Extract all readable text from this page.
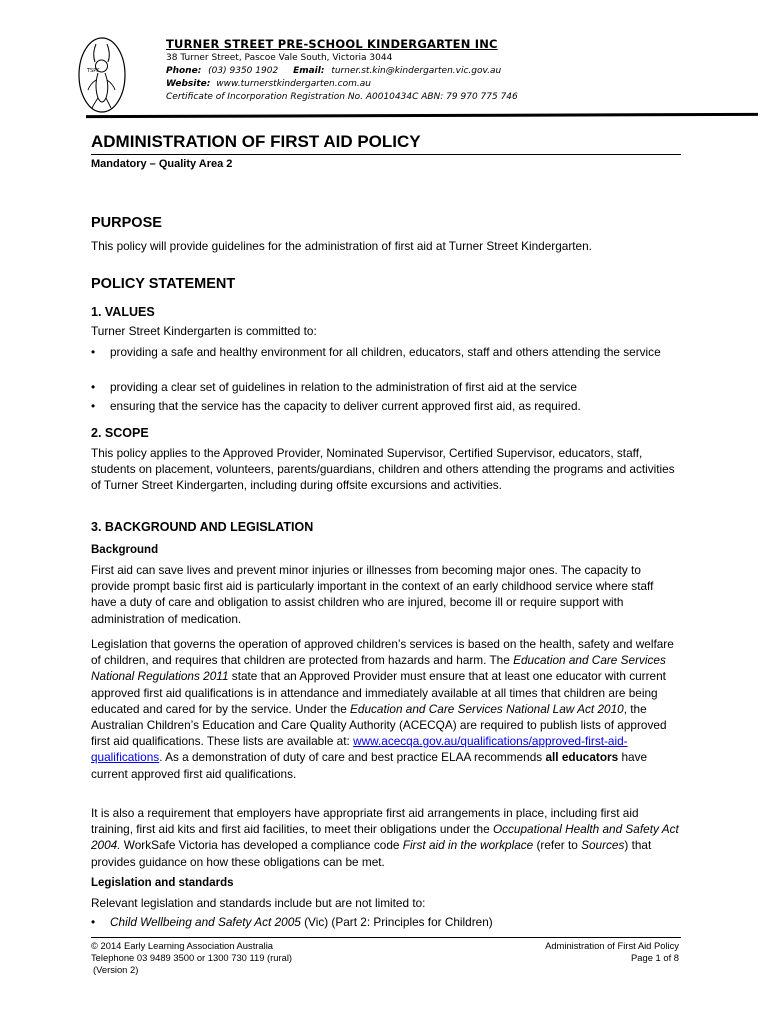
TSPK
TURNER STREET PRE-SCHOOL KINDERGARTEN INC
38 Turner Street, Pascoe Vale South, Victoria 3044
Phone: (03) 9350 1902 Email: turner.st.kin@kindergarten.vic.gov.au
Website: www.turnerstkindergarten.com.au
Certificate of Incorporation Registration No. A0010434C ABN: 79 970 775 746
ADMINISTRATION OF FIRST AID POLICY
Mandatory – Quality Area 2
PURPOSE
This policy will provide guidelines for the administration of first aid at Turner Street Kindergarten.
POLICY STATEMENT
1. VALUES
Turner Street Kindergarten is committed to:
• providing a safe and healthy environment for all children, educators, staff and others attending the service
• providing a clear set of guidelines in relation to the administration of first aid at the service
• ensuring that the service has the capacity to deliver current approved first aid, as required.
2. SCOPE
This policy applies to the Approved Provider, Nominated Supervisor, Certified Supervisor, educators, staff, students on placement, volunteers, parents/guardians, children and others attending the programs and activities of Turner Street Kindergarten, including during offsite excursions and activities.
3. BACKGROUND AND LEGISLATION
Background
First aid can save lives and prevent minor injuries or illnesses from becoming major ones. The capacity to provide prompt basic first aid is particularly important in the context of an early childhood service where staff have a duty of care and obligation to assist children who are injured, become ill or require support with administration of medication.
Legislation that governs the operation of approved children’s services is based on the health, safety and welfare of children, and requires that children are protected from hazards and harm. The Education and Care Services National Regulations 2011 state that an Approved Provider must ensure that at least one educator with current approved first aid qualifications is in attendance and immediately available at all times that children are being educated and cared for by the service. Under the Education and Care Services National Law Act 2010, the Australian Children’s Education and Care Quality Authority (ACECQA) are required to publish lists of approved first aid qualifications. These lists are available at: www.acecqa.gov.au/qualifications/approved-first-aid-qualifications. As a demonstration of duty of care and best practice ELAA recommends all educators have current approved first aid qualifications.
It is also a requirement that employers have appropriate first aid arrangements in place, including first aid training, first aid kits and first aid facilities, to meet their obligations under the Occupational Health and Safety Act 2004. WorkSafe Victoria has developed a compliance code First aid in the workplace (refer to Sources) that provides guidance on how these obligations can be met.
Legislation and standards
Relevant legislation and standards include but are not limited to:
• Child Wellbeing and Safety Act 2005 (Vic) (Part 2: Principles for Children)
© 2014 Early Learning Association Australia
Telephone 03 9489 3500 or 1300 730 119 (rural)
(Version 2)
Administration of First Aid Policy
Page 1 of 8
